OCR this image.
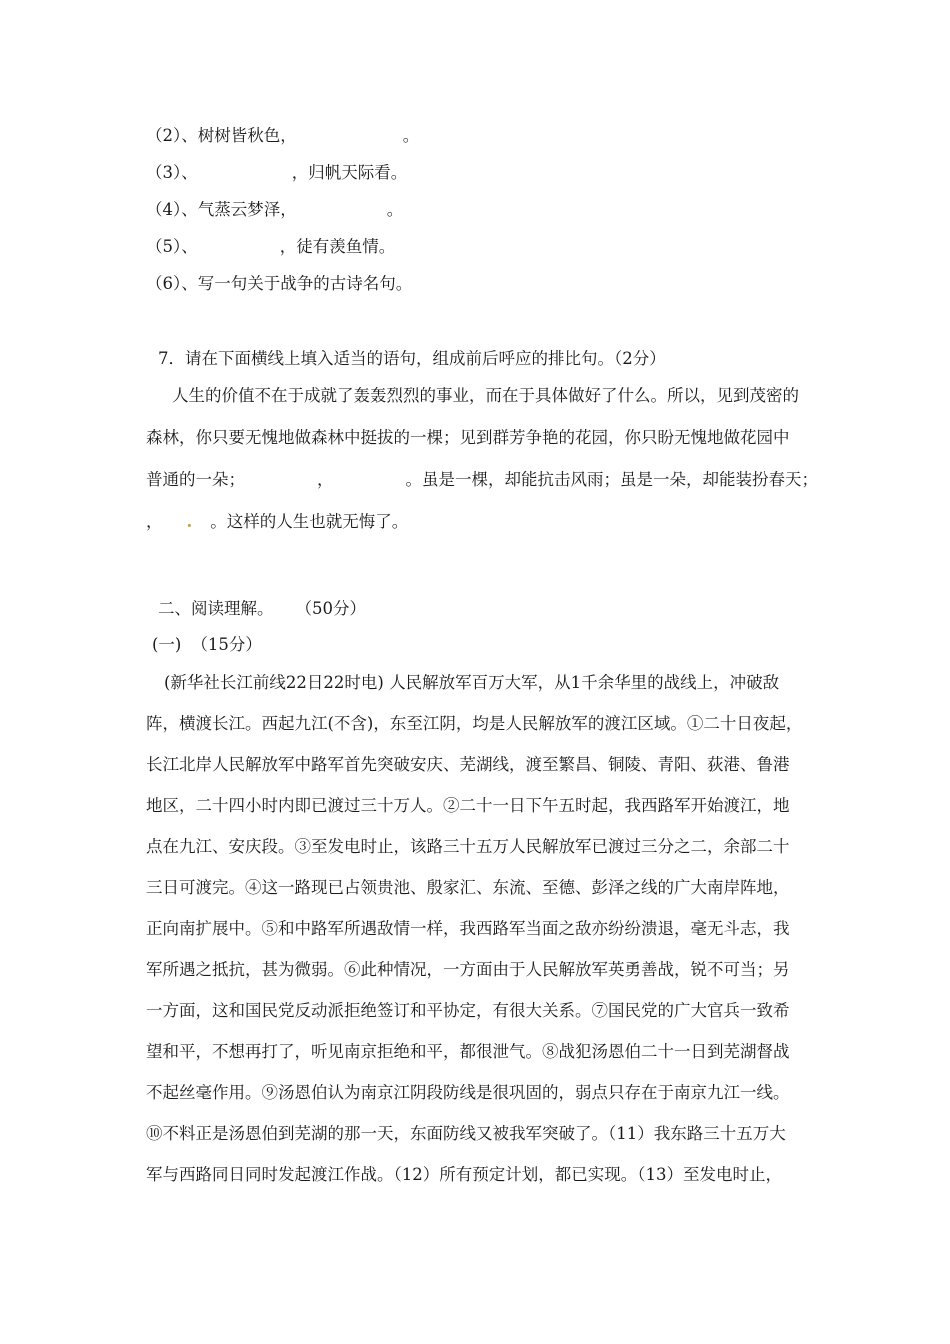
（2）、树树皆秋色，	。
（3）、	，归帆天际看。
（4）、气蒸云梦泽，	。
（5）、	，徒有羡鱼情。
（6）、写一句关于战争的古诗名句。
7．请在下面横线上填入适当的语句，组成前后呼应的排比句。（2分）
人生的价值不在于成就了轰轰烈烈的事业，而在于具体做好了什么。所以，见到茂密的
森林，你只要无愧地做森林中挺拔的一棵；见到群芳争艳的花园，你只盼无愧地做花园中
普通的一朵；	，	。虽是一棵，却能抗击风雨；虽是一朵，却能装扮春天；
， . 。这样的人生也就无悔了。
二、阅读理解。 （50分）
(一) （15分）
(新华社长江前线22日22时电) 人民解放军百万大军，从1千余华里的战线上，冲破敌
阵，横渡长江。西起九江(不含)，东至江阴，均是人民解放军的渡江区域。①二十日夜起，
长江北岸人民解放军中路军首先突破安庆、芜湖线，渡至繁昌、铜陵、青阳、荻港、鲁港
地区，二十四小时内即已渡过三十万人。②二十一日下午五时起，我西路军开始渡江，地
点在九江、安庆段。③至发电时止，该路三十五万人民解放军已渡过三分之二，余部二十
三日可渡完。④这一路现已占领贵池、殷家汇、东流、至德、彭泽之线的广大南岸阵地，
正向南扩展中。⑤和中路军所遇敌情一样，我西路军当面之敌亦纷纷溃退，毫无斗志，我
军所遇之抵抗，甚为微弱。⑥此种情况，一方面由于人民解放军英勇善战，锐不可当；另
一方面，这和国民党反动派拒绝签订和平协定，有很大关系。⑦国民党的广大官兵一致希
望和平，不想再打了，听见南京拒绝和平，都很泄气。⑧战犯汤恩伯二十一日到芜湖督战
不起丝毫作用。⑨汤恩伯认为南京江阴段防线是很巩固的，弱点只存在于南京九江一线。
⑩不料正是汤恩伯到芜湖的那一天，东面防线又被我军突破了。（11）我东路三十五万大
军与西路同日同时发起渡江作战。（12）所有预定计划，都已实现。（13）至发电时止，
